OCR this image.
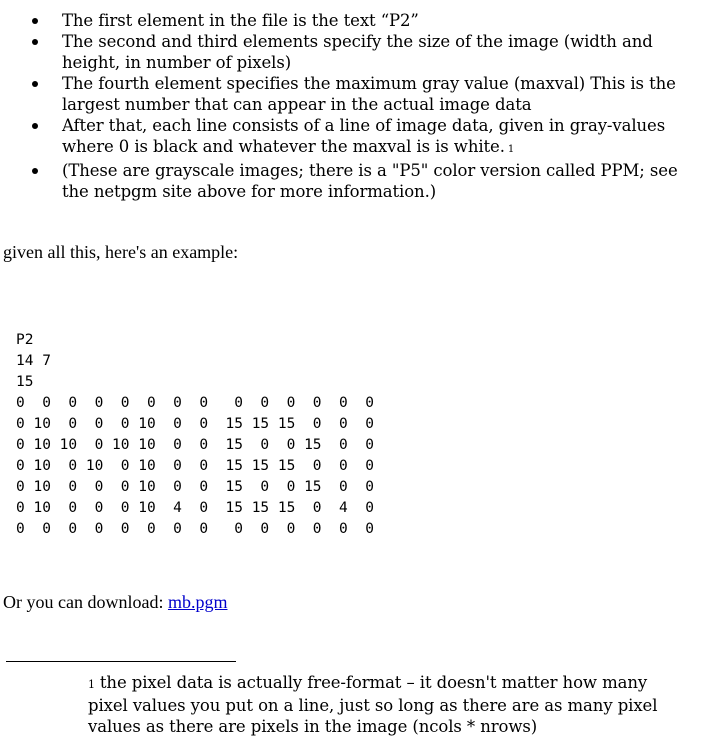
The first element in the file is the text “P2”
The second and third elements specify the size of the image (width and height, in number of pixels)
The fourth element specifies the maximum gray value (maxval) This is the largest number that can appear in the actual image data
After that, each line consists of a line of image data, given in gray-values where 0 is black and whatever the maxval is is white. 1
(These are grayscale images; there is a "P5" color version called PPM; see the netpgm site above for more information.)

given all this, here's an example:

P2
14 7
15
0  0  0  0  0  0  0  0   0  0  0  0  0  0
0 10  0  0  0 10  0  0  15 15 15  0  0  0
0 10 10  0 10 10  0  0  15  0  0 15  0  0
0 10  0 10  0 10  0  0  15 15 15  0  0  0
0 10  0  0  0 10  0  0  15  0  0 15  0  0
0 10  0  0  0 10  4  0  15 15 15  0  4  0
0  0  0  0  0  0  0  0   0  0  0  0  0  0

Or you can download: mb.pgm

1 the pixel data is actually free-format – it doesn't matter how many pixel values you put on a line, just so long as there are as many pixel values as there are pixels in the image (ncols * nrows)
